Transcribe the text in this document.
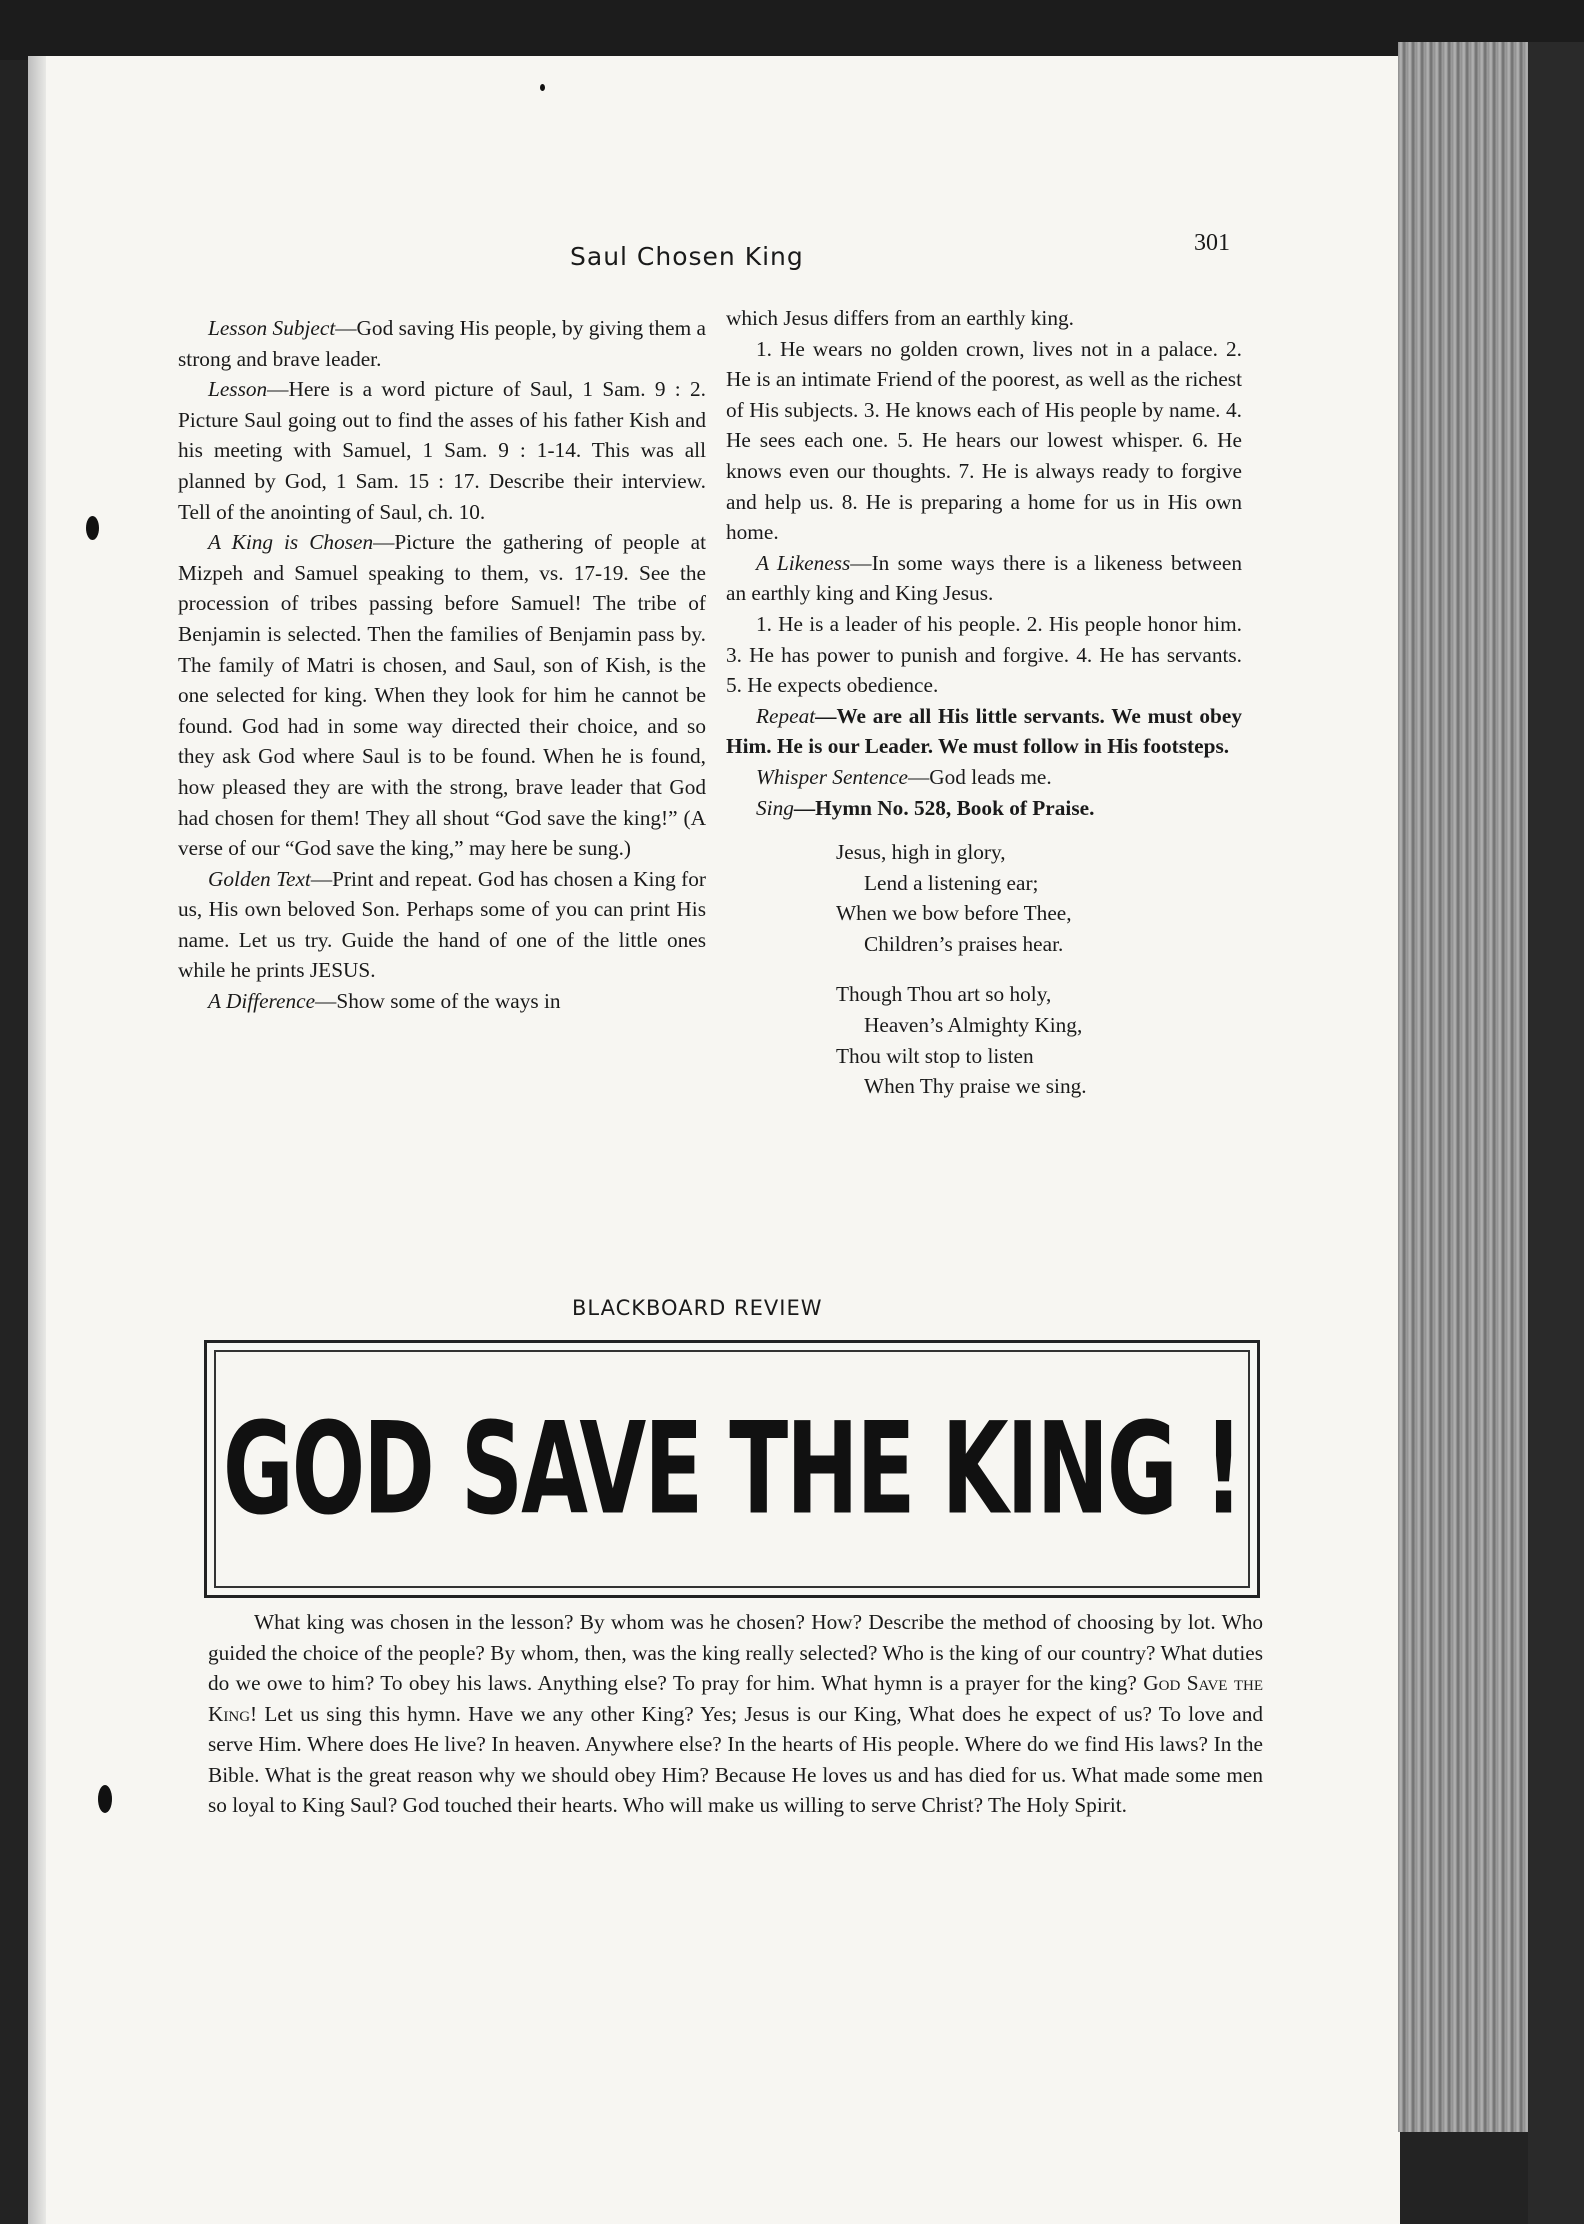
Saul Chosen King	301

Lesson Subject—God saving His people, by giving them a strong and brave leader.

Lesson—Here is a word picture of Saul, 1 Sam. 9 : 2. Picture Saul going out to find the asses of his father Kish and his meeting with Samuel, 1 Sam. 9 : 1-14. This was all planned by God, 1 Sam. 15 : 17. Describe their interview. Tell of the anointing of Saul, ch. 10.

A King is Chosen—Picture the gathering of people at Mizpeh and Samuel speaking to them, vs. 17-19. See the procession of tribes passing before Samuel! The tribe of Benjamin is selected. Then the families of Benjamin pass by. The family of Matri is chosen, and Saul, son of Kish, is the one selected for king. When they look for him he cannot be found. God had in some way directed their choice, and so they ask God where Saul is to be found. When he is found, how pleased they are with the strong, brave leader that God had chosen for them! They all shout “God save the king!” (A verse of our “God save the king,” may here be sung.)

Golden Text—Print and repeat. God has chosen a King for us, His own beloved Son. Perhaps some of you can print His name. Let us try. Guide the hand of one of the little ones while he prints JESUS.

A Difference—Show some of the ways in

which Jesus differs from an earthly king.

1. He wears no golden crown, lives not in a palace. 2. He is an intimate Friend of the poorest, as well as the richest of His subjects. 3. He knows each of His people by name. 4. He sees each one. 5. He hears our lowest whisper. 6. He knows even our thoughts. 7. He is always ready to forgive and help us. 8. He is preparing a home for us in His own home.

A Likeness—In some ways there is a likeness between an earthly king and King Jesus.

1. He is a leader of his people. 2. His people honor him. 3. He has power to punish and forgive. 4. He has servants. 5. He expects obedience.

Repeat—We are all His little servants. We must obey Him. He is our Leader. We must follow in His footsteps.

Whisper Sentence—God leads me.

Sing—Hymn No. 528, Book of Praise.

Jesus, high in glory,
Lend a listening ear;
When we bow before Thee,
Children’s praises hear.
Though Thou art so holy,
Heaven’s Almighty King,
Thou wilt stop to listen
When Thy praise we sing.
BLACKBOARD REVIEW
GOD SAVE THE KING !
What king was chosen in the lesson? By whom was he chosen? How? Describe the method of choosing by lot. Who guided the choice of the people? By whom, then, was the king really selected? Who is the king of our country? What duties do we owe to him? To obey his laws. Anything else? To pray for him. What hymn is a prayer for the king? God Save the King! Let us sing this hymn. Have we any other King? Yes; Jesus is our King, What does he expect of us? To love and serve Him. Where does He live? In heaven. Anywhere else? In the hearts of His people. Where do we find His laws? In the Bible. What is the great reason why we should obey Him? Because He loves us and has died for us. What made some men so loyal to King Saul? God touched their hearts. Who will make us willing to serve Christ? The Holy Spirit.
